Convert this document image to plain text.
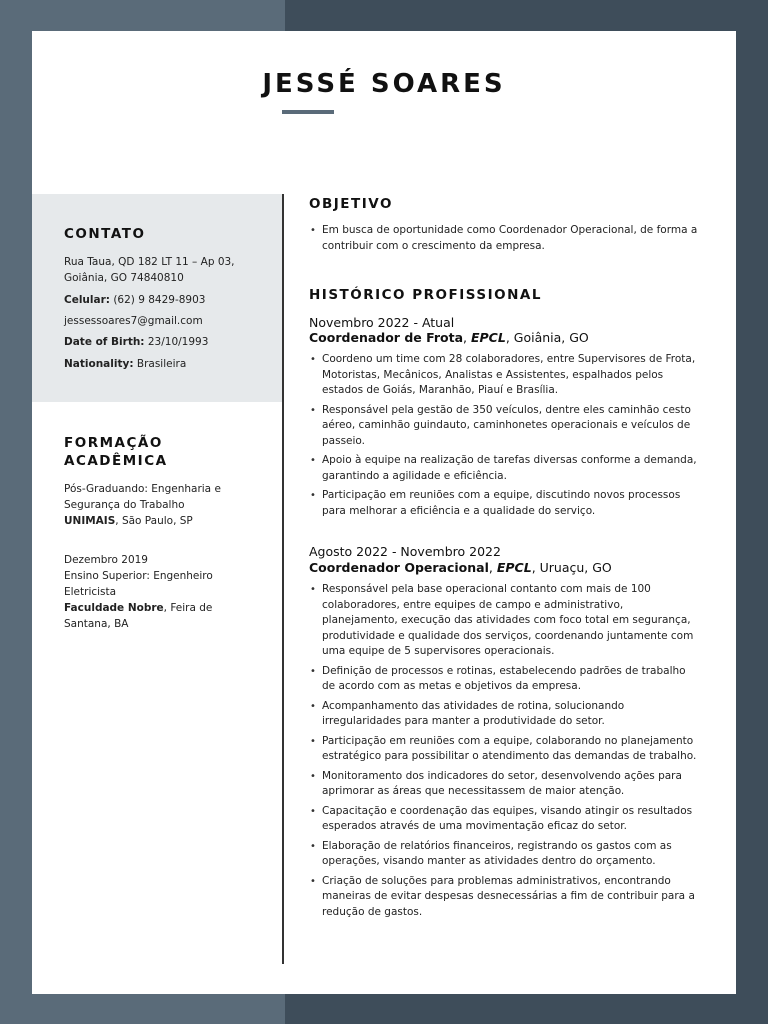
JESSÉ SOARES
CONTATO
Rua Taua, QD 182 LT 11 – Ap 03, Goiânia, GO 74840810
Celular: (62) 9 8429-8903
jessessoares7@gmail.com
Date of Birth: 23/10/1993
Nationality: Brasileira
FORMAÇÃO
ACADÊMICA
Pós-Graduando: Engenharia e Segurança do Trabalho
UNIMAIS, São Paulo, SP
Dezembro 2019
Ensino Superior: Engenheiro Eletricista
Faculdade Nobre, Feira de Santana, BA
OBJETIVO
• Em busca de oportunidade como Coordenador Operacional, de forma a contribuir com o crescimento da empresa.
HISTÓRICO PROFISSIONAL
Novembro 2022 - Atual
Coordenador de Frota, EPCL, Goiânia, GO
• Coordeno um time com 28 colaboradores, entre Supervisores de Frota, Motoristas, Mecânicos, Analistas e Assistentes, espalhados pelos estados de Goiás, Maranhão, Piauí e Brasília.
• Responsável pela gestão de 350 veículos, dentre eles caminhão cesto aéreo, caminhão guindauto, caminhonetes operacionais e veículos de passeio.
• Apoio à equipe na realização de tarefas diversas conforme a demanda, garantindo a agilidade e eficiência.
• Participação em reuniões com a equipe, discutindo novos processos para melhorar a eficiência e a qualidade do serviço.
Agosto 2022 - Novembro 2022
Coordenador Operacional, EPCL, Uruaçu, GO
• Responsável pela base operacional contanto com mais de 100 colaboradores, entre equipes de campo e administrativo, planejamento, execução das atividades com foco total em segurança, produtividade e qualidade dos serviços, coordenando juntamente com uma equipe de 5 supervisores operacionais.
• Definição de processos e rotinas, estabelecendo padrões de trabalho de acordo com as metas e objetivos da empresa.
• Acompanhamento das atividades de rotina, solucionando irregularidades para manter a produtividade do setor.
• Participação em reuniões com a equipe, colaborando no planejamento estratégico para possibilitar o atendimento das demandas de trabalho.
• Monitoramento dos indicadores do setor, desenvolvendo ações para aprimorar as áreas que necessitassem de maior atenção.
• Capacitação e coordenação das equipes, visando atingir os resultados esperados através de uma movimentação eficaz do setor.
• Elaboração de relatórios financeiros, registrando os gastos com as operações, visando manter as atividades dentro do orçamento.
• Criação de soluções para problemas administrativos, encontrando maneiras de evitar despesas desnecessárias a fim de contribuir para a redução de gastos.
